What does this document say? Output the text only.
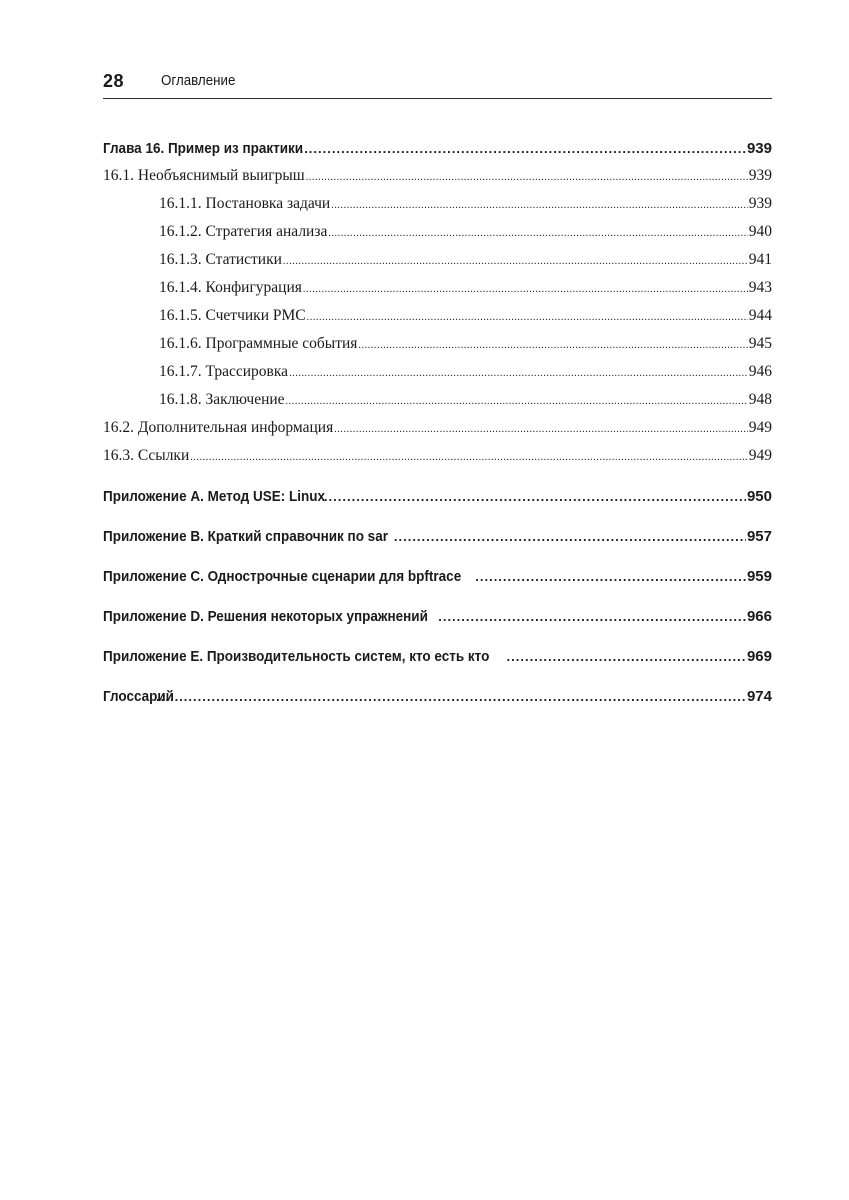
28	Оглавление
Глава 16. Пример из практики .....	939
16.1. Необъяснимый выигрыш .....	939
16.1.1. Постановка задачи .....	939
16.1.2. Стратегия анализа .....	940
16.1.3. Статистики .....	941
16.1.4. Конфигурация .....	943
16.1.5. Счетчики PMC .....	944
16.1.6. Программные события .....	945
16.1.7. Трассировка .....	946
16.1.8. Заключение .....	948
16.2. Дополнительная информация .....	949
16.3. Ссылки .....	949
Приложение А. Метод USE: Linux .....	950
Приложение B. Краткий справочник по sar .....	957
Приложение C. Однострочные сценарии для bpftrace .....	959
Приложение D. Решения некоторых упражнений .....	966
Приложение E. Производительность систем, кто есть кто .....	969
Глоссарий .....	974
